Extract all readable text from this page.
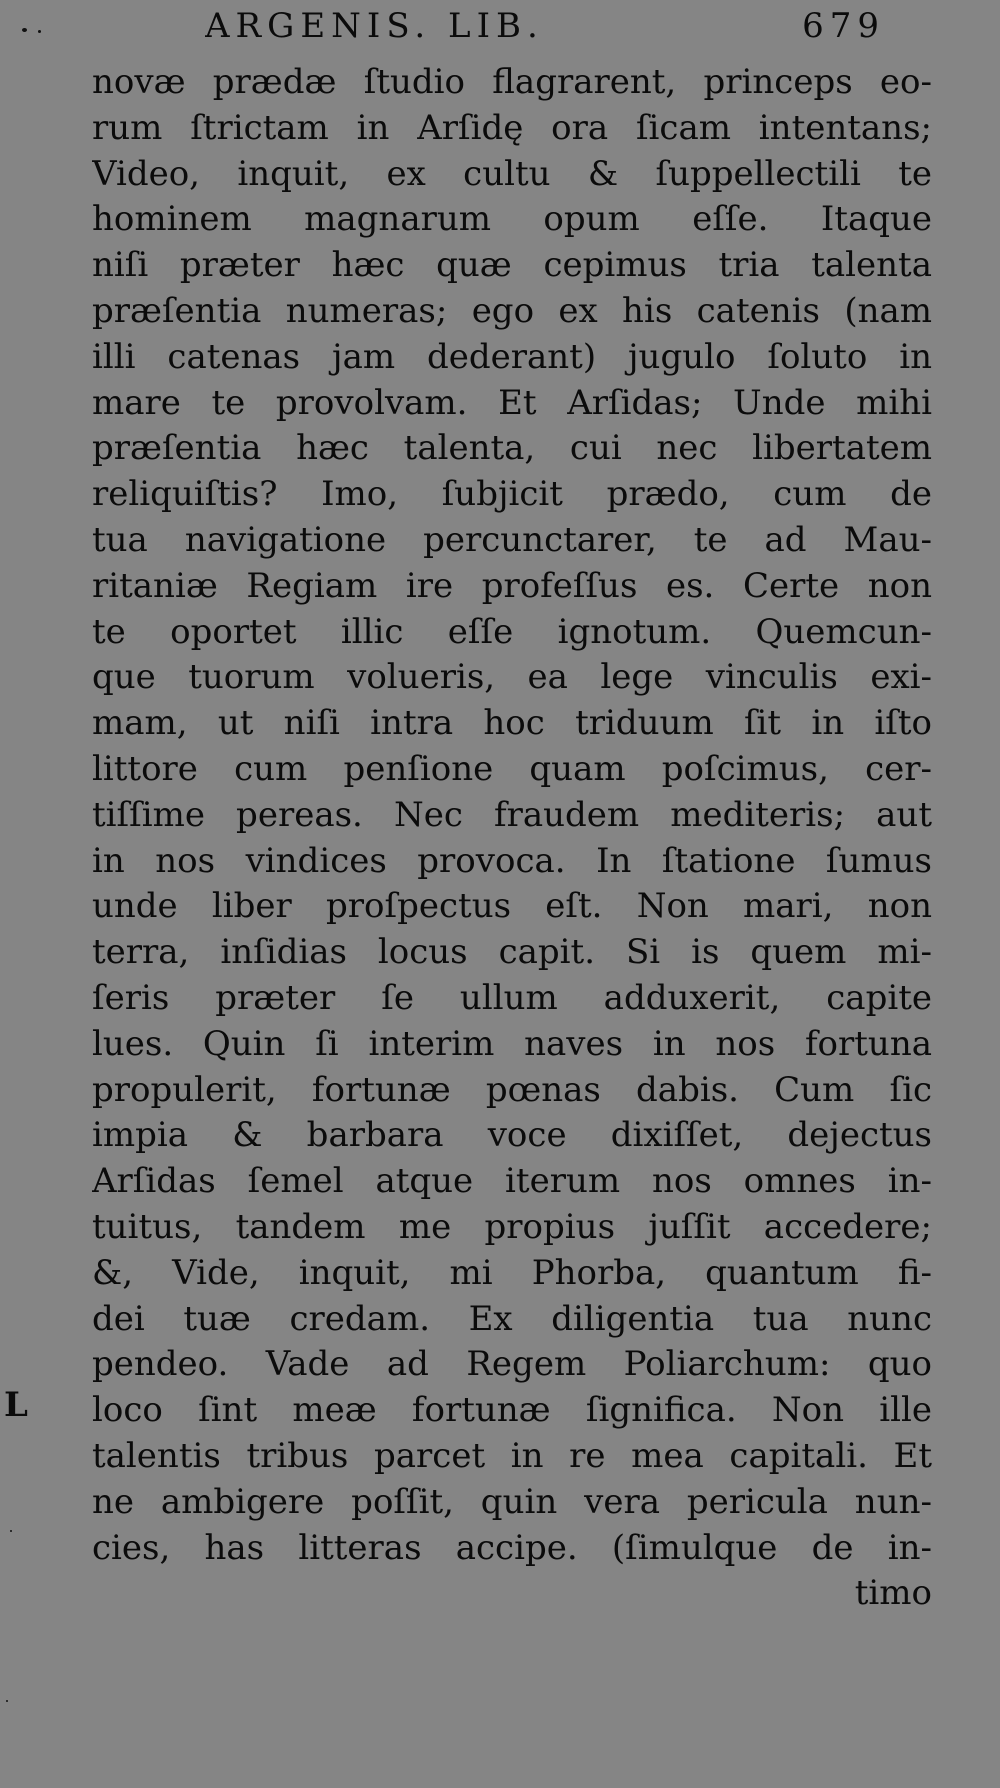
ARGENIS. LIB.	679
novæ prædæ ſtudio flagrarent, princeps eo-
rum ſtrictam in Arſidę ora ſicam intentans;
Video, inquit, ex cultu & ſuppellectili te
hominem magnarum opum eſſe. Itaque
niſi præter hæc quæ cepimus tria talenta
præſentia numeras; ego ex his catenis (nam
illi catenas jam dederant) jugulo ſoluto in
mare te provolvam. Et Arſidas; Unde mihi
præſentia hæc talenta, cui nec libertatem
reliquiſtis? Imo, ſubjicit prædo, cum de
tua navigatione percunctarer, te ad Mau-
ritaniæ Regiam ire profeſſus es. Certe non
te oportet illic eſſe ignotum. Quemcun-
que tuorum volueris, ea lege vinculis exi-
mam, ut niſi intra hoc triduum ſit in iſto
littore cum penſione quam poſcimus, cer-
tiſſime pereas. Nec fraudem mediteris; aut
in nos vindices provoca. In ſtatione ſumus
unde liber proſpectus eſt. Non mari, non
terra, inſidias locus capit. Si is quem mi-
ſeris præter ſe ullum adduxerit, capite
lues. Quin ſi interim naves in nos fortuna
propulerit, fortunæ pœnas dabis. Cum ſic
impia & barbara voce dixiſſet, dejectus
Arſidas ſemel atque iterum nos omnes in-
tuitus, tandem me propius juſſit accedere;
&, Vide, inquit, mi Phorba, quantum fi-
dei tuæ credam. Ex diligentia tua nunc
pendeo. Vade ad Regem Poliarchum: quo
loco ſint meæ fortunæ ſignifica. Non ille
talentis tribus parcet in re mea capitali. Et
ne ambigere poſſit, quin vera pericula nun-
cies, has litteras accipe. (ſimulque de in-
timo
L
